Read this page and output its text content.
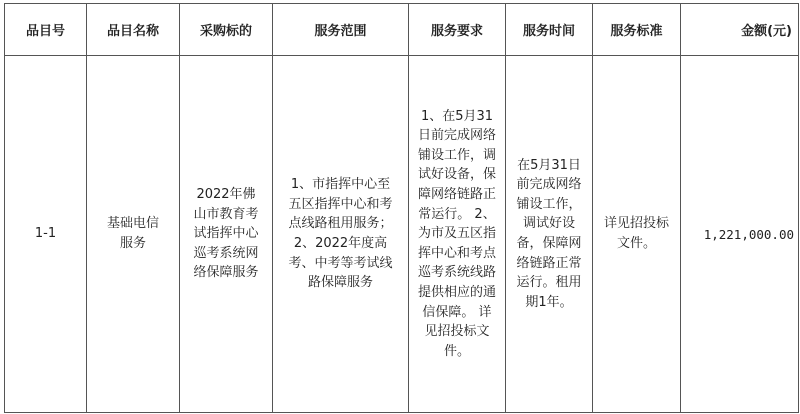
品目号	品目名称	采购标的	服务范围	服务要求	服务时间	服务标准	金额(元)

1-1	基础电信服务	2022年佛山市教育考试指挥中心巡考系统网络保障服务	1、市指挥中心至五区指挥中心和考点线路租用服务；2、2022年度高考、中考等考试线路保障服务	1、在5月31日前完成网络铺设工作，调试好设备，保障网络链路正常运行。 2、为市及五区指挥中心和考点巡考系统线路提供相应的通信保障。 详见招投标文件。	在5月31日前完成网络铺设工作，调试好设备，保障网络链路正常运行。租用期1年。	详见招投标文件。	1,221,000.00
